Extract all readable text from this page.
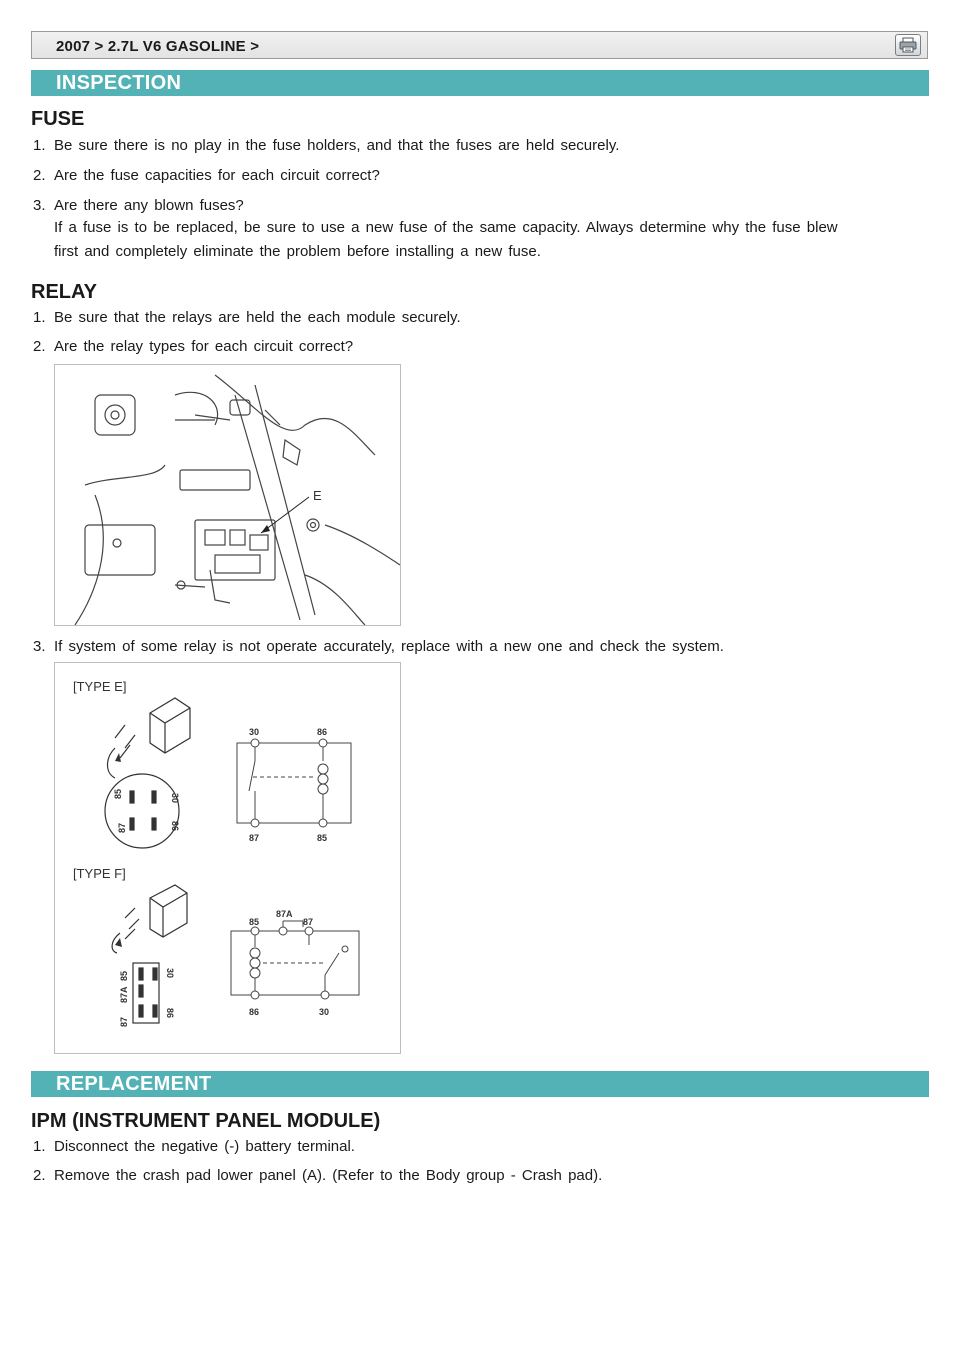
2007 > 2.7L V6 GASOLINE >
INSPECTION
FUSE
1. Be sure there is no play in the fuse holders, and that the fuses are held securely.
2. Are the fuse capacities for each circuit correct?
3. Are there any blown fuses?
If a fuse is to be replaced, be sure to use a new fuse of the same capacity. Always determine why the fuse blew
first and completely eliminate the problem before installing a new fuse.
RELAY
1. Be sure that the relays are held the each module securely.
2. Are the relay types for each circuit correct?
E
3. If system of some relay is not operate accurately, replace with a new one and check the system.
[TYPE E]
[TYPE F]
85	30
87	86
30	86
87	85
85
87A
87
30
86
85
87A
87
86	30
REPLACEMENT
IPM (INSTRUMENT PANEL MODULE)
1. Disconnect the negative (-) battery terminal.
2. Remove the crash pad lower panel (A). (Refer to the Body group - Crash pad).
